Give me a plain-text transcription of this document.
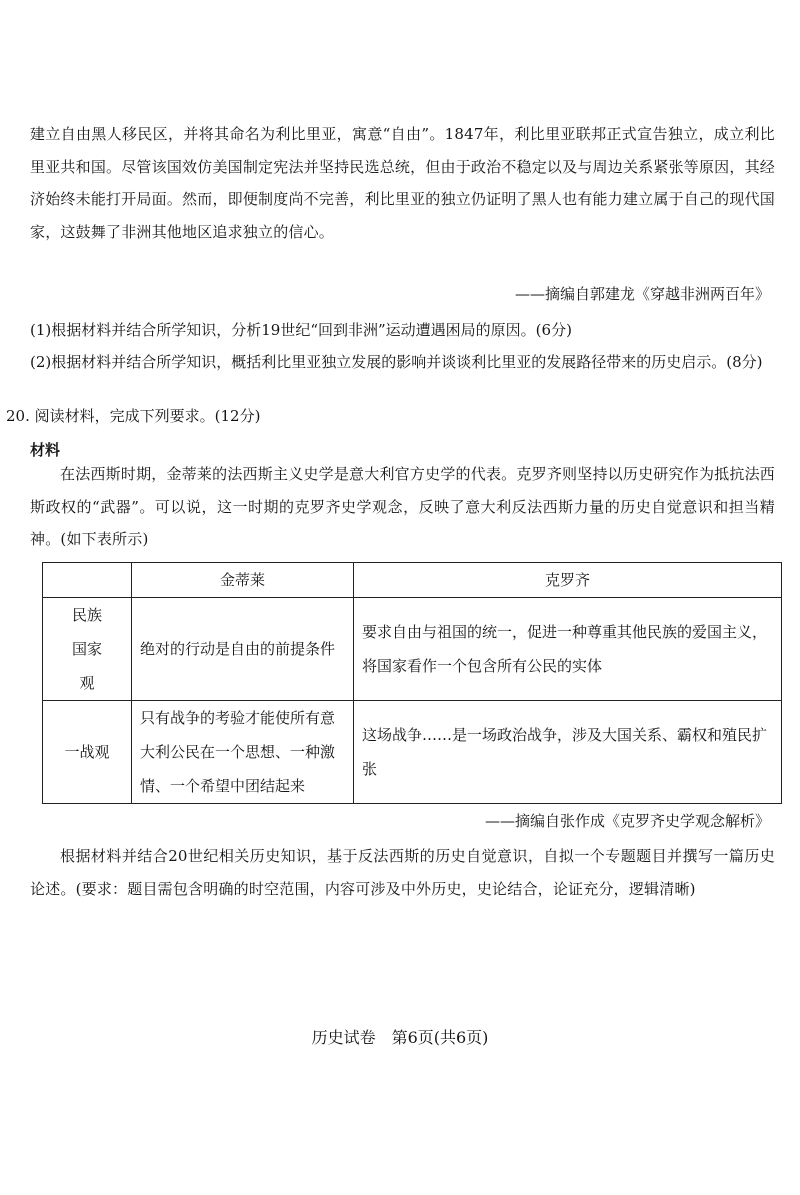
建立自由黑人移民区，并将其命名为利比里亚，寓意“自由”。1847年，利比里亚联邦正式宣告独立，成立利比里亚共和国。尽管该国效仿美国制定宪法并坚持民选总统，但由于政治不稳定以及与周边关系紧张等原因，其经济始终未能打开局面。然而，即便制度尚不完善，利比里亚的独立仍证明了黑人也有能力建立属于自己的现代国家，这鼓舞了非洲其他地区追求独立的信心。

——摘编自郭建龙《穿越非洲两百年》

(1)根据材料并结合所学知识，分析19世纪“回到非洲”运动遭遇困局的原因。(6分)

(2)根据材料并结合所学知识，概括利比里亚独立发展的影响并谈谈利比里亚的发展路径带来的历史启示。(8分)

20. 阅读材料，完成下列要求。(12分)

材料

在法西斯时期，金蒂莱的法西斯主义史学是意大利官方史学的代表。克罗齐则坚持以历史研究作为抵抗法西斯政权的“武器”。可以说，这一时期的克罗齐史学观念，反映了意大利反法西斯力量的历史自觉意识和担当精神。(如下表所示)

	金蒂莱	克罗齐
民族国家观	绝对的行动是自由的前提条件	要求自由与祖国的统一，促进一种尊重其他民族的爱国主义，将国家看作一个包含所有公民的实体
一战观	只有战争的考验才能使所有意大利公民在一个思想、一种激情、一个希望中团结起来	这场战争……是一场政治战争，涉及大国关系、霸权和殖民扩张

——摘编自张作成《克罗齐史学观念解析》

根据材料并结合20世纪相关历史知识，基于反法西斯的历史自觉意识，自拟一个专题题目并撰写一篇历史论述。(要求：题目需包含明确的时空范围，内容可涉及中外历史，史论结合，论证充分，逻辑清晰)

历史试卷　第6页(共6页)
